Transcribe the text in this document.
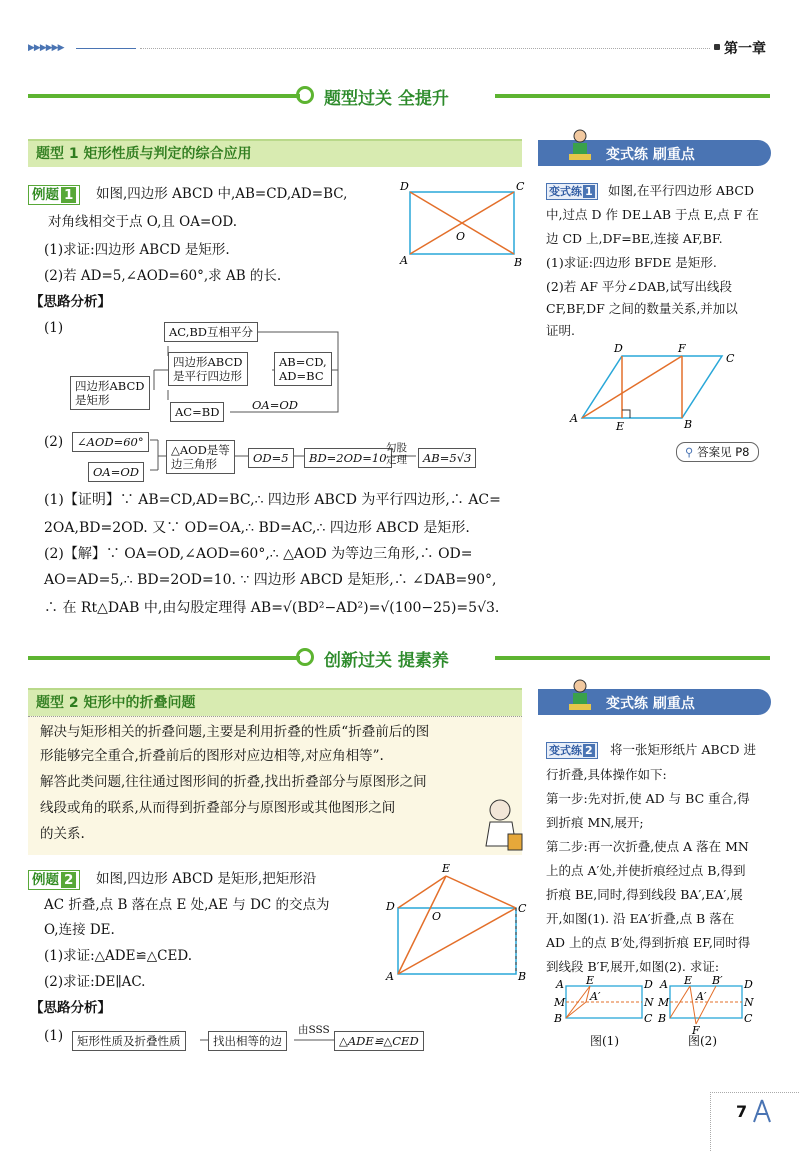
▶▶▶▶▶▶	第一章
题型过关 全提升
题型 1 矩形性质与判定的综合应用	变式练 刷重点
例题 1	如图,四边形 ABCD 中,AB=CD,AD=BC,
对角线相交于点 O,且 OA=OD.
(1)求证:四边形 ABCD 是矩形.
(2)若 AD=5,∠AOD=60°,求 AB 的长.
D	C
O
A	B
【思路分析】
(1)	AC,BD互相平分
四边形ABCD
是平行四边形
AB=CD,
AD=BC
四边形ABCD
是矩形
AC=BD	OA=OD
(2)	∠AOD=60°
OA=OD
△AOD是等
边三角形	OD=5	BD=2OD=10
勾股
定理	AB=5√3
(1)【证明】∵ AB=CD,AD=BC,∴ 四边形 ABCD 为平行四边形,∴ AC=
2OA,BD=2OD. 又∵ OD=OA,∴ BD=AC,∴ 四边形 ABCD 是矩形.
(2)【解】∵ OA=OD,∠AOD=60°,∴ △AOD 为等边三角形,∴ OD=
AO=AD=5,∴ BD=2OD=10. ∵ 四边形 ABCD 是矩形,∴ ∠DAB=90°,
∴ 在 Rt△DAB 中,由勾股定理得 AB=√(BD²−AD²)=√(100−25)=5√3.
变式练 1	如图,在平行四边形 ABCD
中,过点 D 作 DE⊥AB 于点 E,点 F 在
边 CD 上,DF=BE,连接 AF,BF.
(1)求证:四边形 BFDE 是矩形.
(2)若 AF 平分∠DAB,试写出线段
CF,BF,DF 之间的数量关系,并加以
证明.
D	F
C
A
E	B
⚲ 答案见 P8
创新过关 提素养
题型 2 矩形中的折叠问题
解决与矩形相关的折叠问题,主要是利用折叠的性质“折叠前后的图
形能够完全重合,折叠前后的图形对应边相等,对应角相等”.
解答此类问题,往往通过图形间的折叠,找出折叠部分与原图形之间
线段或角的联系,从而得到折叠部分与原图形或其他图形之间
的关系.
变式练 刷重点
例题 2	如图,四边形 ABCD 是矩形,把矩形沿
AC 折叠,点 B 落在点 E 处,AE 与 DC 的交点为
O,连接 DE.
(1)求证:△ADE≌△CED.
(2)求证:DE∥AC.
E
D
O
C
A	B
【思路分析】
(1)	矩形性质及折叠性质	找出相等的边
由SSS
△ADE≌△CED
变式练 2	将一张矩形纸片 ABCD 进
行折叠,具体操作如下:
第一步:先对折,使 AD 与 BC 重合,得
到折痕 MN,展开;
第二步:再一次折叠,使点 A 落在 MN
上的点 A′处,并使折痕经过点 B,得到
折痕 BE,同时,得到线段 BA′,EA′,展
开,如图(1). 沿 EA′折叠,点 B 落在
AD 上的点 B′处,得到折痕 EF,同时得
到线段 B′F,展开,如图(2). 求证:
A E	D
M A′	N
B	C
A E B′ D
M A′	N
B
F
C
图(1)	图(2)
7
